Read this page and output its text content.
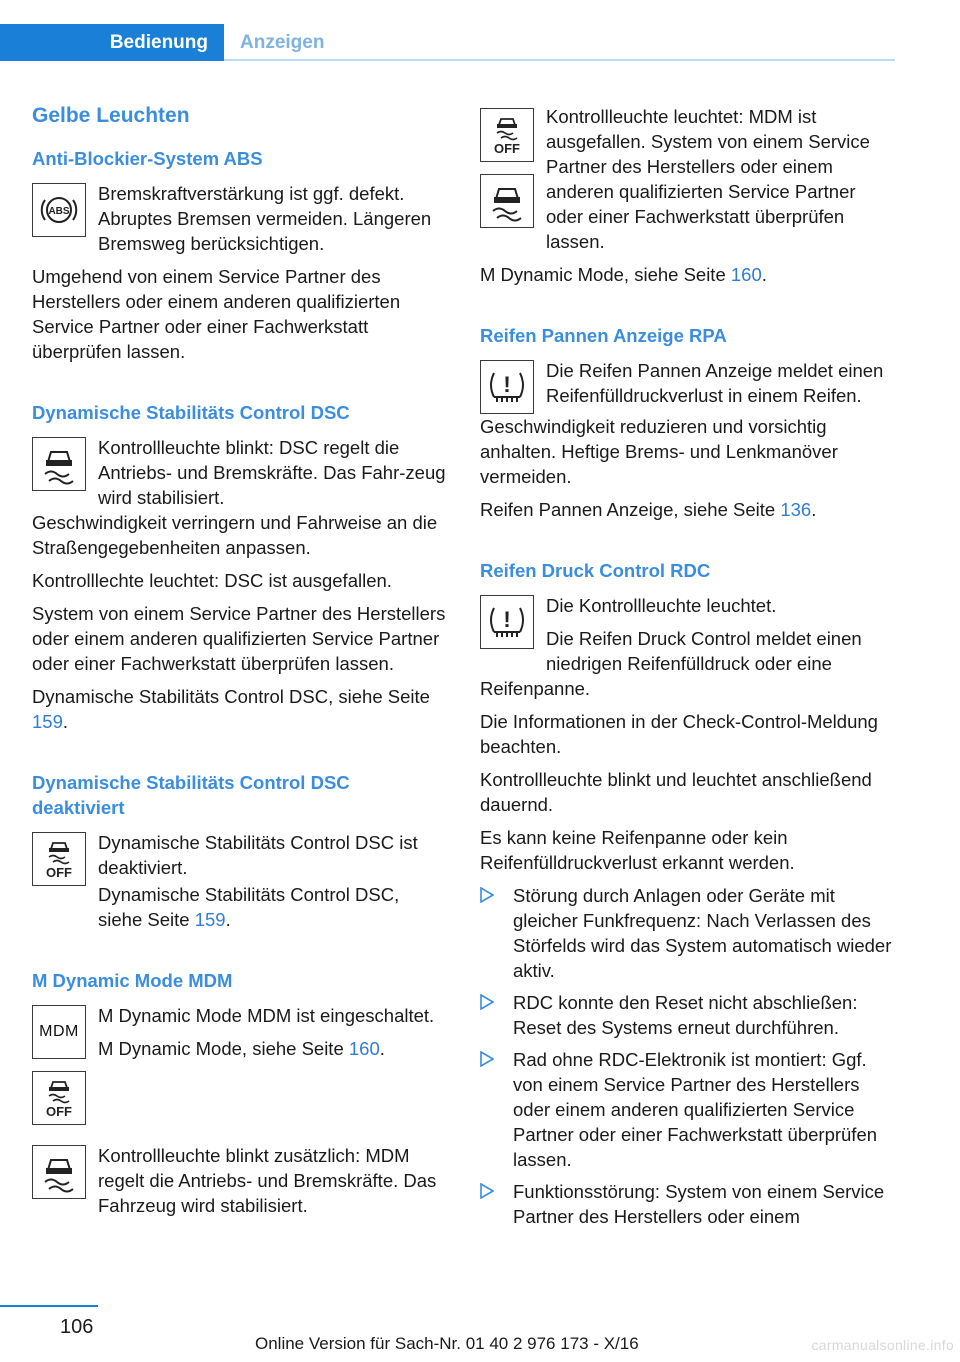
Bedienung	Anzeigen
Gelbe Leuchten
Anti-Blockier-System ABS
ABS

Bremskraftverstärkung ist ggf. defekt. Abruptes Bremsen vermeiden. Längeren Bremsweg berücksichtigen.

Umgehend von einem Service Partner des Herstellers oder einem anderen qualifizierten Service Partner oder einer Fachwerkstatt überprüfen lassen.

Dynamische Stabilitäts Control DSC

Kontrollleuchte blinkt: DSC regelt die Antriebs- und Bremskräfte. Das Fahr-zeug wird stabilisiert.

Geschwindigkeit verringern und Fahrweise an die Straßengegebenheiten anpassen.

Kontrolllechte leuchtet: DSC ist ausgefallen.

System von einem Service Partner des Herstellers oder einem anderen qualifizierten Service Partner oder einer Fachwerkstatt überprüfen lassen.

Dynamische Stabilitäts Control DSC, siehe Seite 159.

Dynamische Stabilitäts Control DSC deaktiviert
OFF

Dynamische Stabilitäts Control DSC ist deaktiviert.

Dynamische Stabilitäts Control DSC, siehe Seite 159.

M Dynamic Mode MDM
MDM

M Dynamic Mode MDM ist eingeschaltet.

M Dynamic Mode, siehe Seite 160.

OFF

Kontrollleuchte blinkt zusätzlich: MDM regelt die Antriebs- und Bremskräfte. Das Fahrzeug wird stabilisiert.

OFF

Kontrollleuchte leuchtet: MDM ist ausgefallen. System von einem Service Partner des Herstellers oder einem anderen qualifizierten Service Partner oder einer Fachwerkstatt überprüfen lassen.

M Dynamic Mode, siehe Seite 160.

Reifen Pannen Anzeige RPA
!

Die Reifen Pannen Anzeige meldet einen Reifenfülldruckverlust in einem Reifen.

Geschwindigkeit reduzieren und vorsichtig anhalten. Heftige Brems- und Lenkmanöver vermeiden.

Reifen Pannen Anzeige, siehe Seite 136.

Reifen Druck Control RDC
!

Die Kontrollleuchte leuchtet.

Die Reifen Druck Control meldet einen niedrigen Reifenfülldruck oder eine

Reifenpanne.

Die Informationen in der Check-Control-Meldung beachten.

Kontrollleuchte blinkt und leuchtet anschließend dauernd.

Es kann keine Reifenpanne oder kein Reifenfülldruckverlust erkannt werden.

Störung durch Anlagen oder Geräte mit gleicher Funkfrequenz: Nach Verlassen des Störfelds wird das System automatisch wieder aktiv.
RDC konnte den Reset nicht abschließen: Reset des Systems erneut durchführen.
Rad ohne RDC-Elektronik ist montiert: Ggf. von einem Service Partner des Herstellers oder einem anderen qualifizierten Service Partner oder einer Fachwerkstatt überprüfen lassen.
Funktionsstörung: System von einem Service Partner des Herstellers oder einem
106
Online Version für Sach-Nr. 01 40 2 976 173 - X/16	carmanualsonline.info
